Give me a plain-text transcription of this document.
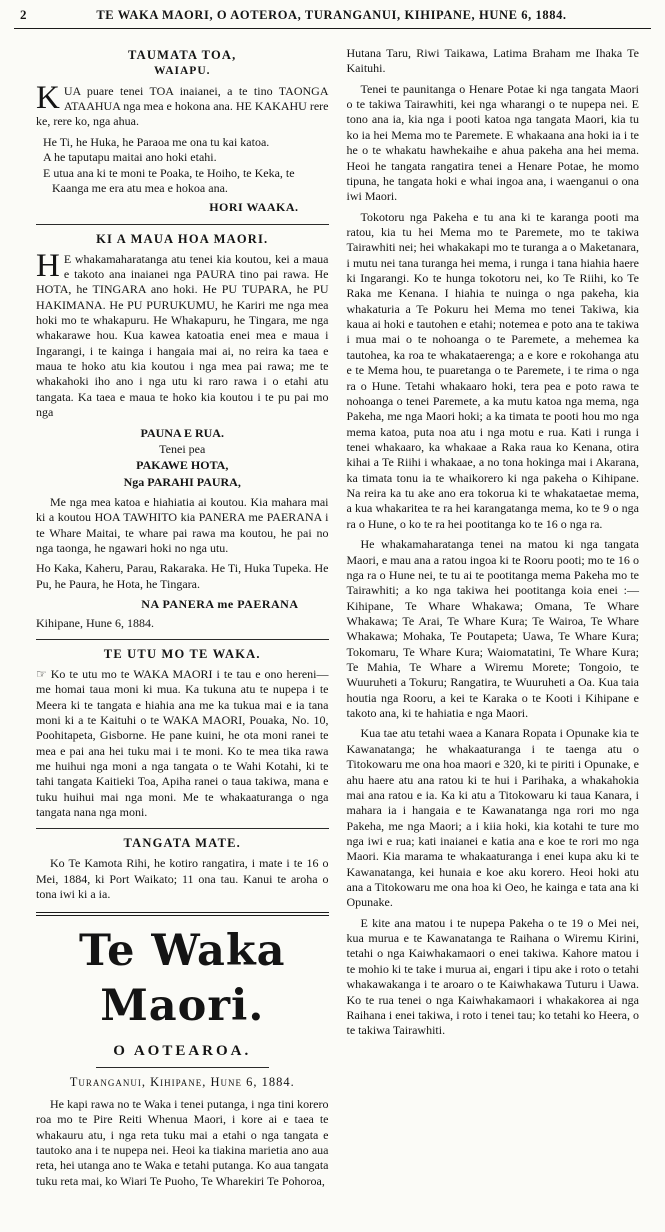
2	TE WAKA MAORI, O AOTEROA, TURANGANUI, KIHIPANE, HUNE 6, 1884.
TAUMATA TOA,
WAIAPU.

KUA puare tenei TOA inaianei, a te tino TAONGA ATAAHUA nga mea e hokona ana. HE KAKAHU rere ke, rere ko, nga ahua.

He Ti, he Huka, he Paraoa me ona tu kai katoa.

A he taputapu maitai ano hoki etahi.

E utua ana ki te moni te Poaka, te Hoiho, te Keka, te Kaanga me era atu mea e hokoa ana.

HORI WAAKA.

KI A MAUA HOA MAORI.

H E whakamaharatanga atu tenei kia koutou, kei a maua e takoto ana inaianei nga PAURA tino pai rawa. He HOTA, he TINGARA ano hoki. He PU TUPARA, he PU HAKIMANA. He PU PURUKUMU, he Kariri me nga mea hoki mo te whakapuru. He Whakapuru, he Tingara, me nga whakarawe hou. Kua kawea katoatia enei mea e maua i Ingarangi, i te kainga i hangaia mai ai, no reira ka taea e maua te hoko atu kia koutou i nga mea pai rawa; me te whakahoki iho ano i nga utu ki raro rawa i o etahi atu tangata. Ka taea e maua te hoko kia koutou i te pu pai mo nga

PAUNA E RUA.

Tenei pea

PAKAWE HOTA,

Nga PARAHI PAURA,

Me nga mea katoa e hiahiatia ai koutou. Kia mahara mai ki a koutou HOA TAWHITO kia PANERA me PAERANA i te Whare Maitai, te whare pai rawa ma koutou, he pai no nga taonga, he ngawari hoki no nga utu.

Ho Kaka, Kaheru, Parau, Rakaraka. He Ti, Huka Tupeka. He Pu, he Paura, he Hota, he Tingara.

NA PANERA me PAERANA

Kihipane, Hune 6, 1884.

TE UTU MO TE WAKA.

☞ Ko te utu mo te WAKA MAORI i te tau e ono hereni—me homai taua moni ki mua. Ka tukuna atu te nupepa i te Meera ki te tangata e hiahia ana me ka tukua mai e ia tana moni ki a te Kaituhi o te WAKA MAORI, Pouaka, No. 10, Poohitapeta, Gisborne. He pane kuini, he ota moni ranei te mea e pai ana hei tuku mai i te moni. Ko te mea tika rawa me huihui nga moni a nga tangata o te Wahi Kotahi, ki te tahi tangata Kaitieki Toa, Apiha ranei o taua takiwa, mana e tuku huihui mai nga moni. Me te whakaaturanga o nga tangata nana nga moni.

TANGATA MATE.

Ko Te Kamota Rihi, he kotiro rangatira, i mate i te 16 o Mei, 1884, ki Port Waikato; 11 ona tau. Kanui te aroha o tona iwi ki a ia.

Te Waka Maori.
O AOTEAROA.
Turanganui, Kihipane, Hune 6, 1884.

He kapi rawa no te Waka i tenei putanga, i nga tini korero roa mo te Pire Reiti Whenua Maori, i kore ai e taea te whakauru atu, i nga reta tuku mai a etahi o nga tangata e tautoko ana i te nupepa nei. Heoi ka tiakina marietia ano aua reta, hei utanga ano te Waka e tetahi putanga. Ko aua tangata tuku reta mai, ko Wiari Te Puoho, Te Wharekiri Te Pohoroa,

Hutana Taru, Riwi Taikawa, Latima Braham me Ihaka Te Kaituhi.

Tenei te paunitanga o Henare Potae ki nga tangata Maori o te takiwa Tairawhiti, kei nga wharangi o te nupepa nei. E tono ana ia, kia nga i pooti katoa nga tangata Maori, kia tu ko ia hei Mema mo te Paremete. E whakaana ana hoki ia i te he o te whakatu hawhekaihe e ahua pakeha ana hei mema. Heoi he tangata rangatira tenei a Henare Potae, he momo tipuna, he tangata hoki e whai ingoa ana, i waenganui o ona iwi Maori.

Tokotoru nga Pakeha e tu ana ki te karanga pooti ma ratou, kia tu hei Mema mo te Paremete, mo te takiwa Tairawhiti nei; hei whakakapi mo te turanga a o Maketanara, i mutu nei tana turanga hei mema, i runga i tana hiahia haere ki Ingarangi. Ko te hunga tokotoru nei, ko Te Riihi, ko Te Raka me Kenana. I hiahia te nuinga o nga pakeha, kia whakaturia a Te Pokuru hei Mema mo tenei Takiwa, kia kaua ai hoki e tautohen e etahi; notemea e poto ana te takiwa i mua mai o te nohoanga o te Paremete, a mehemea ka tautohea, ka roa te whakataerenga; a e kore e rokohanga atu e te Mema hou, te puaretanga o te Paremete, i te rima o nga ra o Hune. Tetahi whakaaro hoki, tera pea e poto rawa te nohoanga o tenei Paremete, a ka mutu katoa nga mema, nga Pakeha, me nga Maori hoki; a ka timata te pooti hou mo nga mema katoa, puta noa atu i nga motu e rua. Kati i runga i tenei whakaaro, ka whakaae a Raka raua ko Kenana, otira kihai a Te Riihi i whakaae, a no tona hokinga mai i Akarana, ka timata tonu ia te whaikorero ki nga pakeha o Kihipane. Na reira ka tu ake ano era tokorua ki te whakataetae mema, a kua whakaritea te ra hei karangatanga mema, ko te 9 o nga ra o Hune, o ko te ra hei pootitanga ko te 16 o nga ra.

He whakamaharatanga tenei na matou ki nga tangata Maori, e mau ana a ratou ingoa ki te Rooru pooti; mo te 16 o nga ra o Hune nei, te tu ai te pootitanga mema Pakeha mo te Tairawhiti; a ko nga takiwa hei pootitanga koia enei :—Kihipane, Te Whare Whakawa; Omana, Te Whare Whakawa; Te Arai, Te Whare Kura; Te Wairoa, Te Whare Whakawa; Mohaka, Te Poutapeta; Uawa, Te Whare Kura; Tokomaru, Te Whare Kura; Waiomatatini, Te Whare Kura; Te Mahia, Te Whare a Wiremu Morete; Tongoio, te Wuuruheti a Tokuru; Rangatira, te Wuuruheti a Oa. Kua taia houtia nga Rooru, a kei te Karaka o te Kooti i Kihipane e takoto ana, ki te hahiatia e nga Maori.

Kua tae atu tetahi waea a Kanara Ropata i Opunake kia te Kawanatanga; he whakaaturanga i te taenga atu o Titokowaru me ona hoa maori e 320, ki te piriti i Opunake, e ahu haere atu ana ratou ki te hui i Parihaka, a whakahokia mai ana ratou e ia. Ka ki atu a Titokowaru ki taua Kanara, i mahara ia i hangaia e te Kawanatanga nga rori mo nga Pakeha, me nga Maori; a i kiia hoki, kia kotahi te ture mo nga iwi e rua; kati inaianei e katia ana e koe te rori mo nga Maori. Kia marama te whakaaturanga i enei kupa aku ki te Kawanatanga, kei hunaia e koe aku korero. Heoi hoki atu ana a Titokowaru me ona hoa ki Oeo, he kainga e tata ana ki Opunake.

E kite ana matou i te nupepa Pakeha o te 19 o Mei nei, kua murua e te Kawanatanga te Raihana o Wiremu Kirini, tetahi o nga Kaiwhakamaori o enei takiwa. Kahore matou i te mohio ki te take i murua ai, engari i tipu ake i roto o tetahi whakawakanga i te aroaro o te Kaiwhakawa Tuturu i Uawa. Ko te rua tenei o nga Kaiwhakamaori i whakakorea ai nga Raihana i enei takiwa, i roto i tenei tau; ko tetahi ko Heera, o te takiwa Tairawhiti.
